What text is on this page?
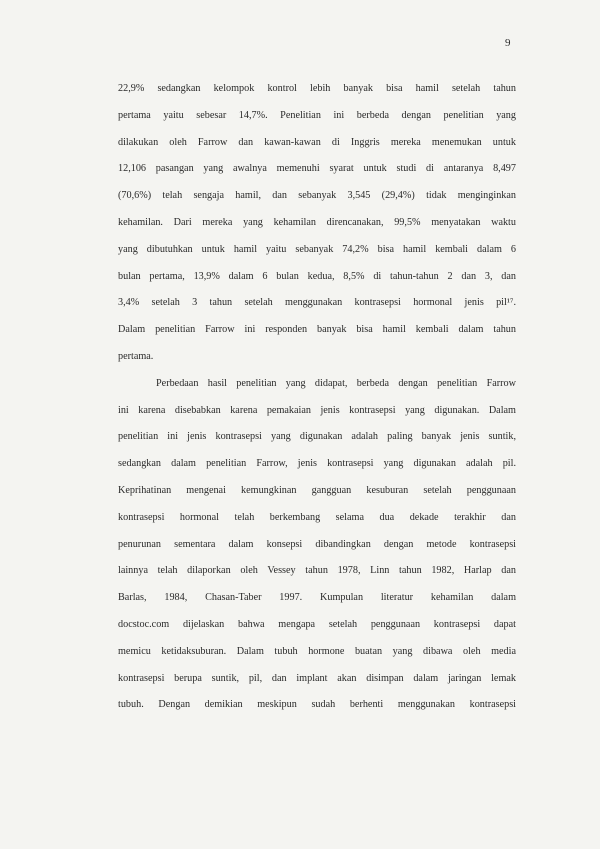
9
22,9% sedangkan kelompok kontrol lebih banyak bisa hamil setelah tahun
pertama yaitu sebesar 14,7%. Penelitian ini berbeda dengan penelitian yang
dilakukan oleh Farrow dan kawan-kawan di Inggris mereka menemukan untuk
12,106 pasangan yang awalnya memenuhi syarat untuk studi di antaranya 8,497
(70,6%) telah sengaja hamil, dan sebanyak 3,545 (29,4%) tidak menginginkan
kehamilan. Dari mereka yang kehamilan direncanakan, 99,5% menyatakan waktu
yang dibutuhkan untuk hamil yaitu sebanyak 74,2% bisa hamil kembali dalam 6
bulan pertama, 13,9% dalam 6 bulan kedua, 8,5% di tahun-tahun 2 dan 3, dan
3,4% setelah 3 tahun setelah menggunakan kontrasepsi hormonal jenis pil¹⁷.
Dalam penelitian Farrow ini responden banyak bisa hamil kembali dalam tahun
pertama.
Perbedaan hasil penelitian yang didapat, berbeda dengan penelitian Farrow
ini karena disebabkan karena pemakaian jenis kontrasepsi yang digunakan. Dalam
penelitian ini jenis kontrasepsi yang digunakan adalah paling banyak jenis suntik,
sedangkan dalam penelitian Farrow, jenis kontrasepsi yang digunakan adalah pil.
Keprihatinan mengenai kemungkinan gangguan kesuburan setelah penggunaan
kontrasepsi hormonal telah berkembang selama dua dekade terakhir dan
penurunan sementara dalam konsepsi dibandingkan dengan metode kontrasepsi
lainnya telah dilaporkan oleh Vessey tahun 1978, Linn tahun 1982, Harlap dan
Barlas, 1984, Chasan-Taber 1997. Kumpulan literatur kehamilan dalam
docstoc.com dijelaskan bahwa mengapa setelah penggunaan kontrasepsi dapat
memicu ketidaksuburan. Dalam tubuh hormone buatan yang dibawa oleh media
kontrasepsi berupa suntik, pil, dan implant akan disimpan dalam jaringan lemak
tubuh. Dengan demikian meskipun sudah berhenti menggunakan kontrasepsi
